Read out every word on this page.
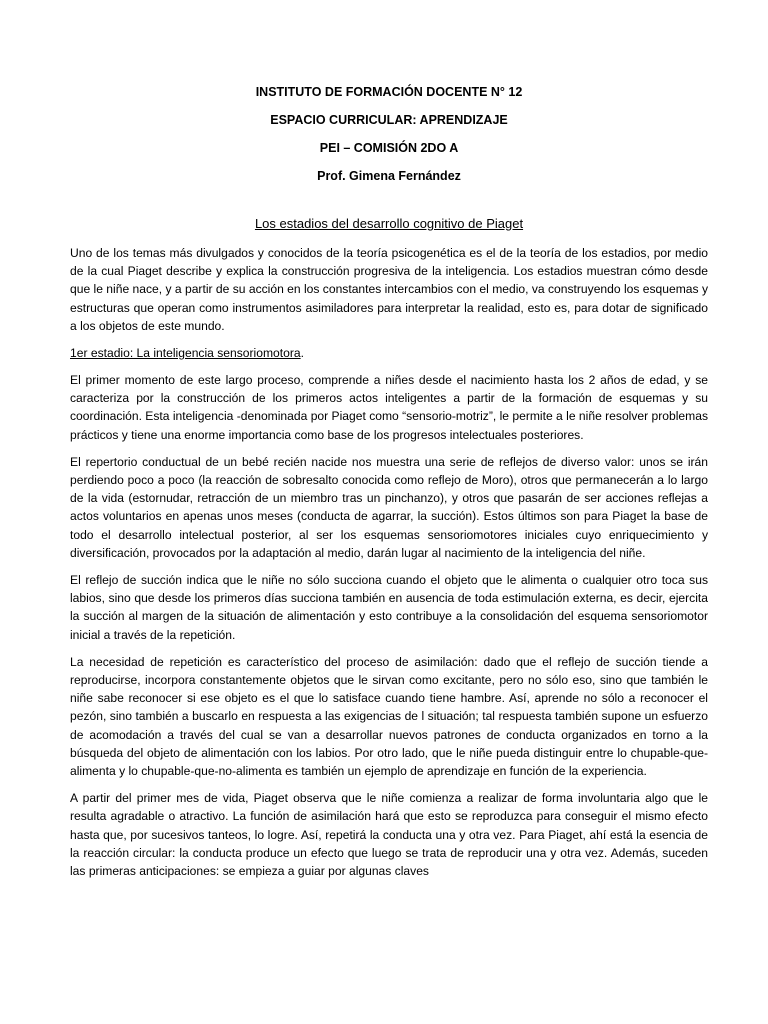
INSTITUTO DE FORMACIÓN DOCENTE N° 12
ESPACIO CURRICULAR: APRENDIZAJE
PEI – COMISIÓN 2DO A
Prof. Gimena Fernández
Los estadios del desarrollo cognitivo de Piaget

Uno de los temas más divulgados y conocidos de la teoría psicogenética es el de la teoría de los estadios, por medio de la cual Piaget describe y explica la construcción progresiva de la inteligencia. Los estadios muestran cómo desde que le niñe nace, y a partir de su acción en los constantes intercambios con el medio, va construyendo los esquemas y estructuras que operan como instrumentos asimiladores para interpretar la realidad, esto es, para dotar de significado a los objetos de este mundo.

1er estadio: La inteligencia sensoriomotora.

El primer momento de este largo proceso, comprende a niñes desde el nacimiento hasta los 2 años de edad, y se caracteriza por la construcción de los primeros actos inteligentes a partir de la formación de esquemas y su coordinación. Esta inteligencia -denominada por Piaget como “sensorio-motriz”, le permite a le niñe resolver problemas prácticos y tiene una enorme importancia como base de los progresos intelectuales posteriores.

El repertorio conductual de un bebé recién nacide nos muestra una serie de reflejos de diverso valor: unos se irán perdiendo poco a poco (la reacción de sobresalto conocida como reflejo de Moro), otros que permanecerán a lo largo de la vida (estornudar, retracción de un miembro tras un pinchanzo), y otros que pasarán de ser acciones reflejas a actos voluntarios en apenas unos meses (conducta de agarrar, la succión). Estos últimos son para Piaget la base de todo el desarrollo intelectual posterior, al ser los esquemas sensoriomotores iniciales cuyo enriquecimiento y diversificación, provocados por la adaptación al medio, darán lugar al nacimiento de la inteligencia del niñe.

El reflejo de succión indica que le niñe no sólo succiona cuando el objeto que le alimenta o cualquier otro toca sus labios, sino que desde los primeros días succiona también en ausencia de toda estimulación externa, es decir, ejercita la succión al margen de la situación de alimentación y esto contribuye a la consolidación del esquema sensoriomotor inicial a través de la repetición.

La necesidad de repetición es característico del proceso de asimilación: dado que el reflejo de succión tiende a reproducirse, incorpora constantemente objetos que le sirvan como excitante, pero no sólo eso, sino que también le niñe sabe reconocer si ese objeto es el que lo satisface cuando tiene hambre. Así, aprende no sólo a reconocer el pezón, sino también a buscarlo en respuesta a las exigencias de l situación; tal respuesta también supone un esfuerzo de acomodación a través del cual se van a desarrollar nuevos patrones de conducta organizados en torno a la búsqueda del objeto de alimentación con los labios. Por otro lado, que le niñe pueda distinguir entre lo chupable-que-alimenta y lo chupable-que-no-alimenta es también un ejemplo de aprendizaje en función de la experiencia.

A partir del primer mes de vida, Piaget observa que le niñe comienza a realizar de forma involuntaria algo que le resulta agradable o atractivo. La función de asimilación hará que esto se reproduzca para conseguir el mismo efecto hasta que, por sucesivos tanteos, lo logre. Así, repetirá la conducta una y otra vez. Para Piaget, ahí está la esencia de la reacción circular: la conducta produce un efecto que luego se trata de reproducir una y otra vez. Además, suceden las primeras anticipaciones: se empieza a guiar por algunas claves
